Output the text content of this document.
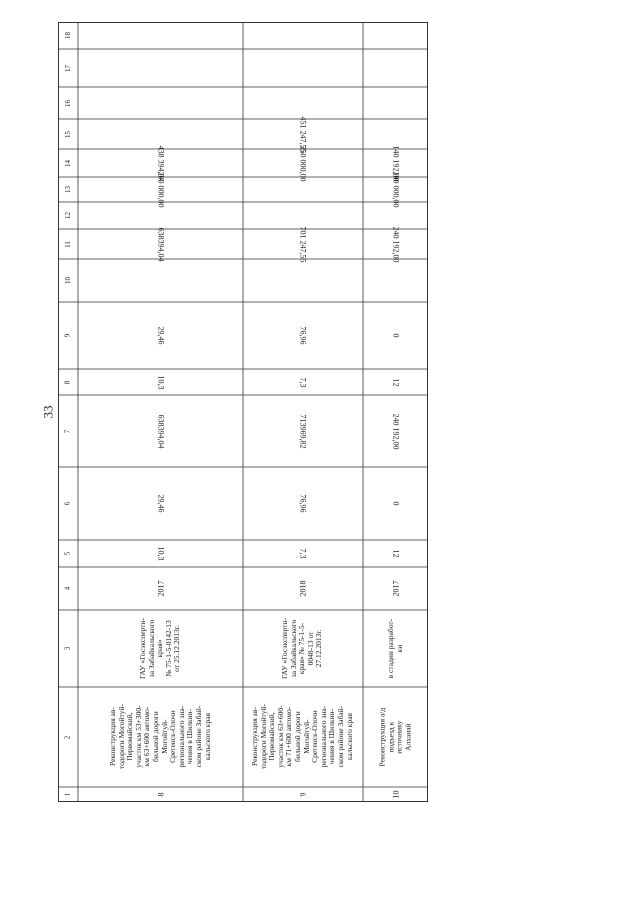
33
18
17
16
15
14
13
12
11
10
9
8
7
6
5
4
3
2
1
438 394,04
200 000,00
638394,04
29,46
10,3
638394,04
29,46
10,3
2017
ГАУ «Госэкспертн-
за Забайкальского
края»
№ 75-1-5-0142-13
от 25.12.2013г.
Реконструкция ав-
тодороги Могойтуй-
Первомайский,
участок км 53+300-
км 63+600 автомо-
бильной дороги
Могойтуй-
Сретенск-Олочи
регионального зна-
чения в Шилкин-
ском районе Забай-
кальского края
8
451 247,55
250 000,00
701 247,55
76,96
7,3
713969,82
76,96
7,3
2018
ГАУ «Госэкспертн-
за Забайкальского
края» № 75-1-5-
0048-13 от
27.12.2013г.
Реконструкция ав-
тодороги Могойтуй-
Первомайский,
участок км 63+600-
км 71+600 автомо-
бильной дороги
Могойтуй-
Сретенск-Олочи
регионального зна-
чения в Шилкин-
ском районе Забай-
кальского края
9
140 192,00
100 000,00
240 192,00
0
12
240 192,00
0
12
2017
в стадии разработ-
ки
Реконструкция а/д
подъезд к источнику
Алханай
10
